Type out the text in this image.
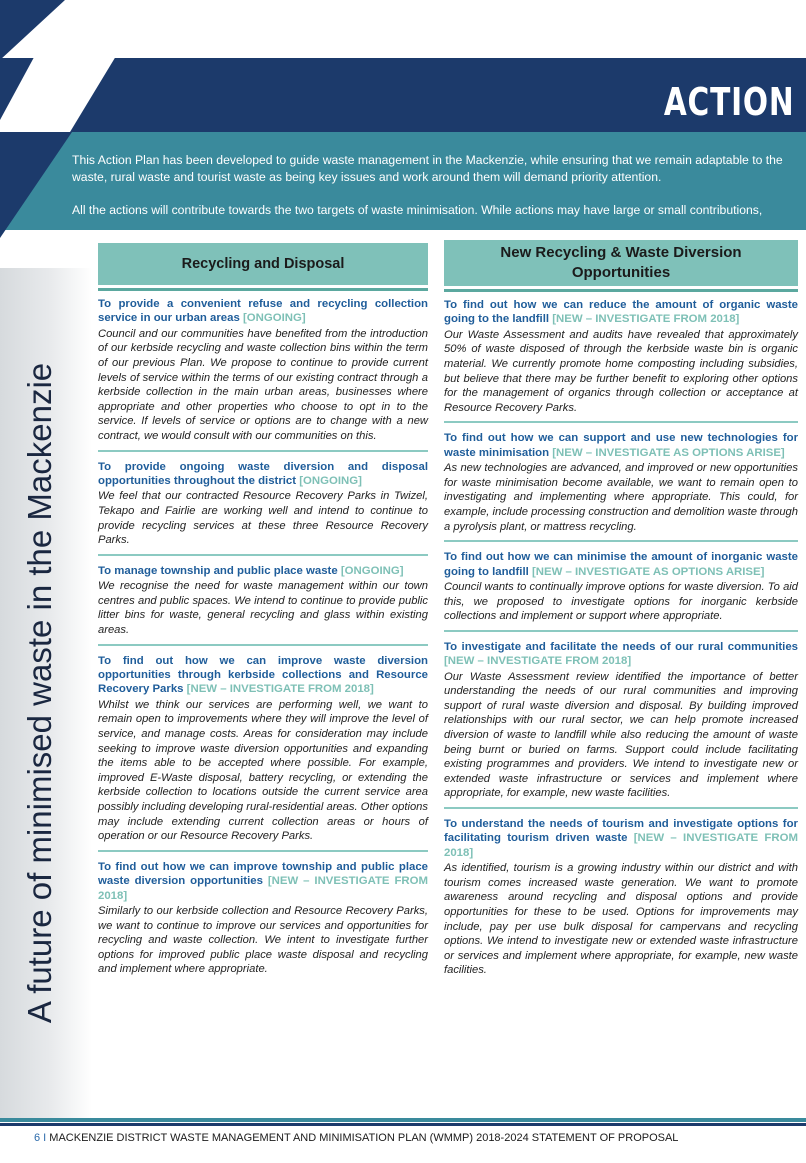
ACTION

This Action Plan has been developed to guide waste management in the Mackenzie, while ensuring that we remain adaptable to the waste, rural waste and tourist waste as being key issues and work around them will demand priority attention.

All the actions will contribute towards the two targets of waste minimisation. While actions may have large or small contributions,

A future of minimised waste in the Mackenzie
Recycling and Disposal
To provide a convenient refuse and recycling collection service in our urban areas [ONGOING]

Council and our communities have benefited from the introduction of our kerbside recycling and waste collection bins within the term of our previous Plan. We propose to continue to provide current levels of service within the terms of our existing contract through a kerbside collection in the main urban areas, businesses where appropriate and other properties who choose to opt in to the service. If levels of service or options are to change with a new contract, we would consult with our communities on this.

To provide ongoing waste diversion and disposal opportunities throughout the district [ONGOING]

We feel that our contracted Resource Recovery Parks in Twizel, Tekapo and Fairlie are working well and intend to continue to provide recycling services at these three Resource Recovery Parks.

To manage township and public place waste [ONGOING]

We recognise the need for waste management within our town centres and public spaces. We intend to continue to provide public litter bins for waste, general recycling and glass within existing areas.

To find out how we can improve waste diversion opportunities through kerbside collections and Resource Recovery Parks [NEW – INVESTIGATE FROM 2018]

Whilst we think our services are performing well, we want to remain open to improvements where they will improve the level of service, and manage costs. Areas for consideration may include seeking to improve waste diversion opportunities and expanding the items able to be accepted where possible. For example, improved E-Waste disposal, battery recycling, or extending the kerbside collection to locations outside the current service area possibly including developing rural-residential areas. Other options may include extending current collection areas or hours of operation or our Resource Recovery Parks.

To find out how we can improve township and public place waste diversion opportunities [NEW – INVESTIGATE FROM 2018]

Similarly to our kerbside collection and Resource Recovery Parks, we want to continue to improve our services and opportunities for recycling and waste collection. We intent to investigate further options for improved public place waste disposal and recycling and implement where appropriate.

New Recycling & Waste Diversion Opportunities
To find out how we can reduce the amount of organic waste going to the landfill [NEW – INVESTIGATE FROM 2018]

Our Waste Assessment and audits have revealed that approximately 50% of waste disposed of through the kerbside waste bin is organic material. We currently promote home composting including subsidies, but believe that there may be further benefit to exploring other options for the management of organics through collection or acceptance at Resource Recovery Parks.

To find out how we can support and use new technologies for waste minimisation [NEW – INVESTIGATE AS OPTIONS ARISE]

As new technologies are advanced, and improved or new opportunities for waste minimisation become available, we want to remain open to investigating and implementing where appropriate. This could, for example, include processing construction and demolition waste through a pyrolysis plant, or mattress recycling.

To find out how we can minimise the amount of inorganic waste going to landfill [NEW – INVESTIGATE AS OPTIONS ARISE]

Council wants to continually improve options for waste diversion. To aid this, we proposed to investigate options for inorganic kerbside collections and implement or support where appropriate.

To investigate and facilitate the needs of our rural communities [NEW – INVESTIGATE FROM 2018]

Our Waste Assessment review identified the importance of better understanding the needs of our rural communities and improving support of rural waste diversion and disposal. By building improved relationships with our rural sector, we can help promote increased diversion of waste to landfill while also reducing the amount of waste being burnt or buried on farms. Support could include facilitating existing programmes and providers. We intend to investigate new or extended waste infrastructure or services and implement where appropriate, for example, new waste facilities.

To understand the needs of tourism and investigate options for facilitating tourism driven waste [NEW – INVESTIGATE FROM 2018]

As identified, tourism is a growing industry within our district and with tourism comes increased waste generation. We want to promote awareness around recycling and disposal options and provide opportunities for these to be used. Options for improvements may include, pay per use bulk disposal for campervans and recycling options. We intend to investigate new or extended waste infrastructure or services and implement where appropriate, for example, new waste facilities.

6 I MACKENZIE DISTRICT WASTE MANAGEMENT AND MINIMISATION PLAN (WMMP) 2018-2024 STATEMENT OF PROPOSAL
